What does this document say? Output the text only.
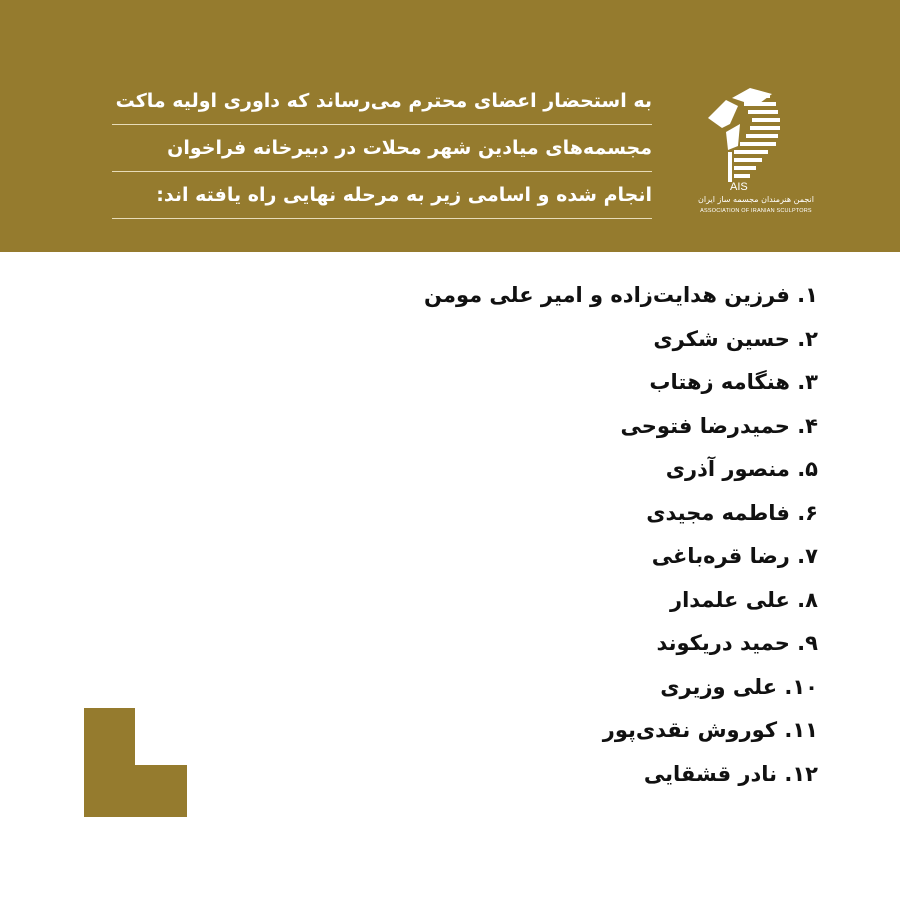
به استحضار اعضای محترم می‌رساند که داوری اولیه ماکت
مجسمه‌های میادین شهر محلات در دبیرخانه فراخوان
انجام شده و اسامی زیر به مرحله نهایی راه یافته اند:	AIS
انجمن هنرمندان مجسمه ساز ایران
ASSOCIATION OF IRANIAN SCULPTORS
۱. فرزین هدایت‌زاده و امیر علی مومن
۲. حسین شکری
۳. هنگامه زهتاب
۴. حمیدرضا فتوحی
۵. منصور آذری
۶. فاطمه مجیدی
۷. رضا قره‌باغی
۸. علی علمدار
۹. حمید دریکوند
۱۰. علی وزیری
۱۱. کوروش نقدی‌پور
۱۲. نادر قشقایی
